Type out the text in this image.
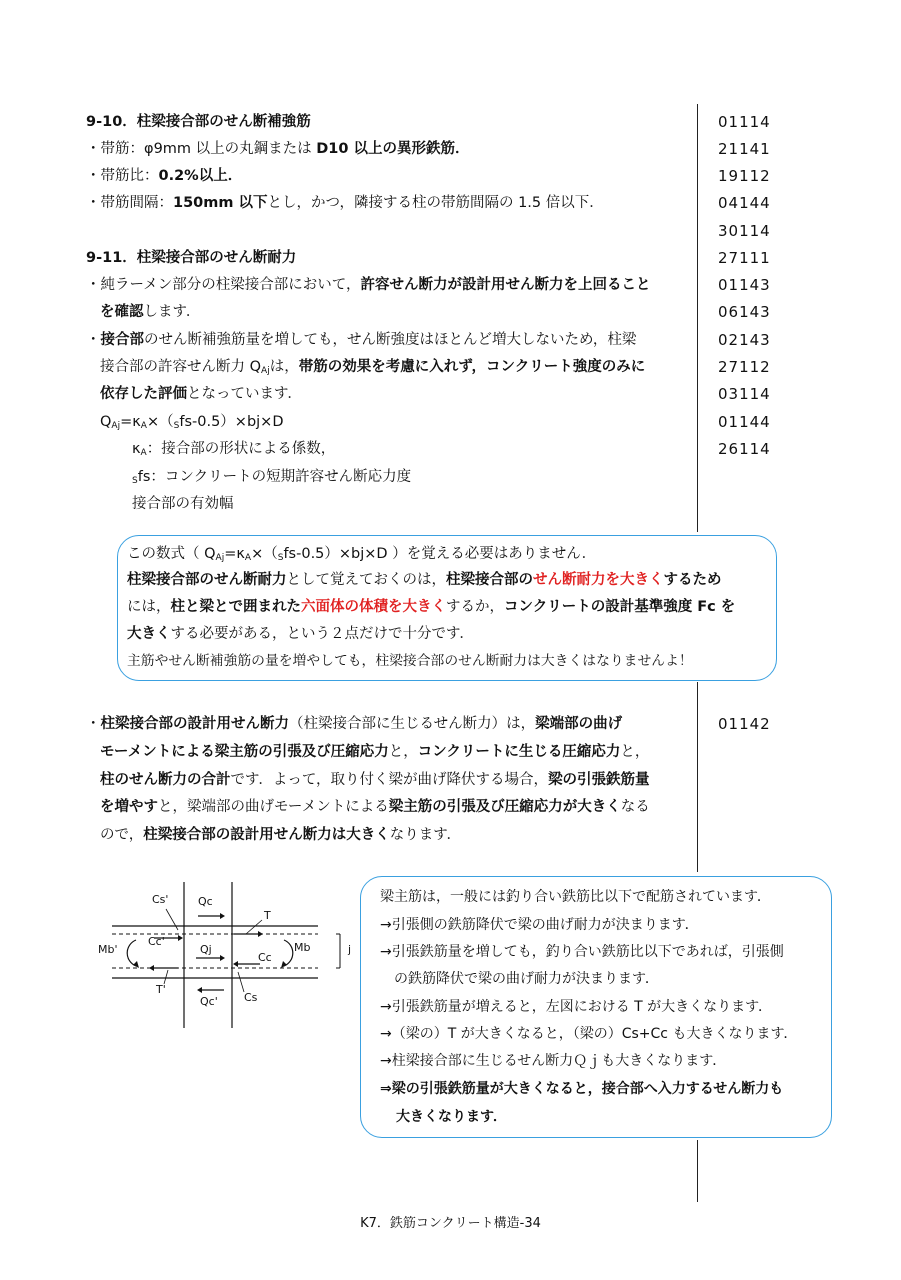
9-10．柱梁接合部のせん断補強筋
・帯筋：φ9mm 以上の丸鋼または D10 以上の異形鉄筋．
・帯筋比：0.2%以上．
・帯筋間隔：150mm 以下とし，かつ，隣接する柱の帯筋間隔の 1.5 倍以下．
9-11．柱梁接合部のせん断耐力
・純ラーメン部分の柱梁接合部において，許容せん断力が設計用せん断力を上回ること
を確認します．
・接合部のせん断補強筋量を増しても，せん断強度はほとんど増大しないため，柱梁
接合部の許容せん断力 $Q_{Aj}$は，帯筋の効果を考慮に入れず，コンクリート強度のみに
依存した評価となっています．
$Q_{Aj}=\kappa_A\times(_Sfs-0.5)\times bj\times D$
$\kappa_A$：接合部の形状による係数，
$_S$fs：コンクリートの短期許容せん断応力度
接合部の有効幅
01114
21141
19112
04144
30114
27111
01143
06143
02143
27112
03114
01144
26114
この数式（ $Q_{Aj}=\kappa_A\times(_Sfs-0.5)\times bj\times D$ ）を覚える必要はありません．
柱梁接合部のせん断耐力として覚えておくのは，柱梁接合部のせん断耐力を大きくするため
には，柱と梁とで囲まれた六面体の体積を大きくするか，コンクリートの設計基準強度 Fc を
大きくする必要がある，という２点だけで十分です．
主筋やせん断補強筋の量を増やしても，柱梁接合部のせん断耐力は大きくはなりませんよ！
・柱梁接合部の設計用せん断力（柱梁接合部に生じるせん断力）は，梁端部の曲げ
モーメントによる梁主筋の引張及び圧縮応力と，コンクリートに生じる圧縮応力と，
柱のせん断力の合計です．よって，取り付く梁が曲げ降伏する場合，梁の引張鉄筋量
を増やすと，梁端部の曲げモーメントによる梁主筋の引張及び圧縮応力が大きくなる
ので，柱梁接合部の設計用せん断力は大きくなります．
01142
Cs'	Qc
T
Cc'
Mb'	Qj
Cc
Mb	j
T'
Qc' Cs
梁主筋は，一般には釣り合い鉄筋比以下で配筋されています．
→引張側の鉄筋降伏で梁の曲げ耐力が決まります．
→引張鉄筋量を増しても，釣り合い鉄筋比以下であれば，引張側
の鉄筋降伏で梁の曲げ耐力が決まります．
→引張鉄筋量が増えると，左図における T が大きくなります．
→（梁の）T が大きくなると，（梁の）Cs+Cc も大きくなります．
→柱梁接合部に生じるせん断力Ｑｊも大きくなります．
⇒梁の引張鉄筋量が大きくなると，接合部へ入力するせん断力も
大きくなります．
K7．鉄筋コンクリート構造-34
